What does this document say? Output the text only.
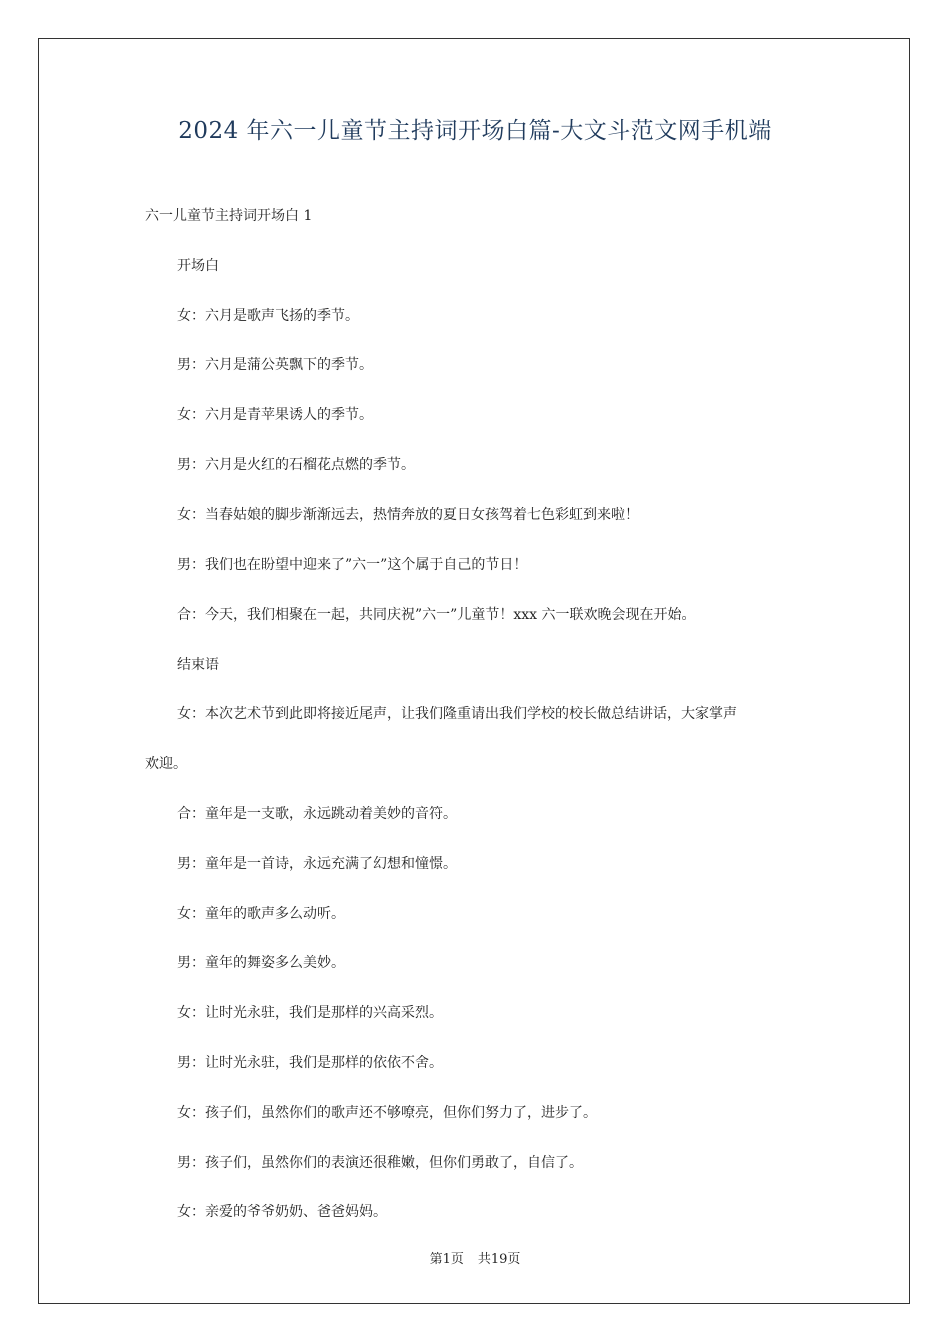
2024 年六一儿童节主持词开场白篇-大文斗范文网手机端
六一儿童节主持词开场白 1
开场白
女：六月是歌声飞扬的季节。
男：六月是蒲公英飘下的季节。
女：六月是青苹果诱人的季节。
男：六月是火红的石榴花点燃的季节。
女：当春姑娘的脚步渐渐远去，热情奔放的夏日女孩驾着七色彩虹到来啦！
男：我们也在盼望中迎来了”六一”这个属于自己的节日！
合：今天，我们相聚在一起，共同庆祝”六一”儿童节！xxx 六一联欢晚会现在开始。
结束语
女：本次艺术节到此即将接近尾声，让我们隆重请出我们学校的校长做总结讲话，大家掌声
欢迎。
合：童年是一支歌，永远跳动着美妙的音符。
男：童年是一首诗，永远充满了幻想和憧憬。
女：童年的歌声多么动听。
男：童年的舞姿多么美妙。
女：让时光永驻，我们是那样的兴高采烈。
男：让时光永驻，我们是那样的依依不舍。
女：孩子们，虽然你们的歌声还不够嘹亮，但你们努力了，进步了。
男：孩子们，虽然你们的表演还很稚嫩，但你们勇敢了，自信了。
女：亲爱的爷爷奶奶、爸爸妈妈。
第1页 共19页
